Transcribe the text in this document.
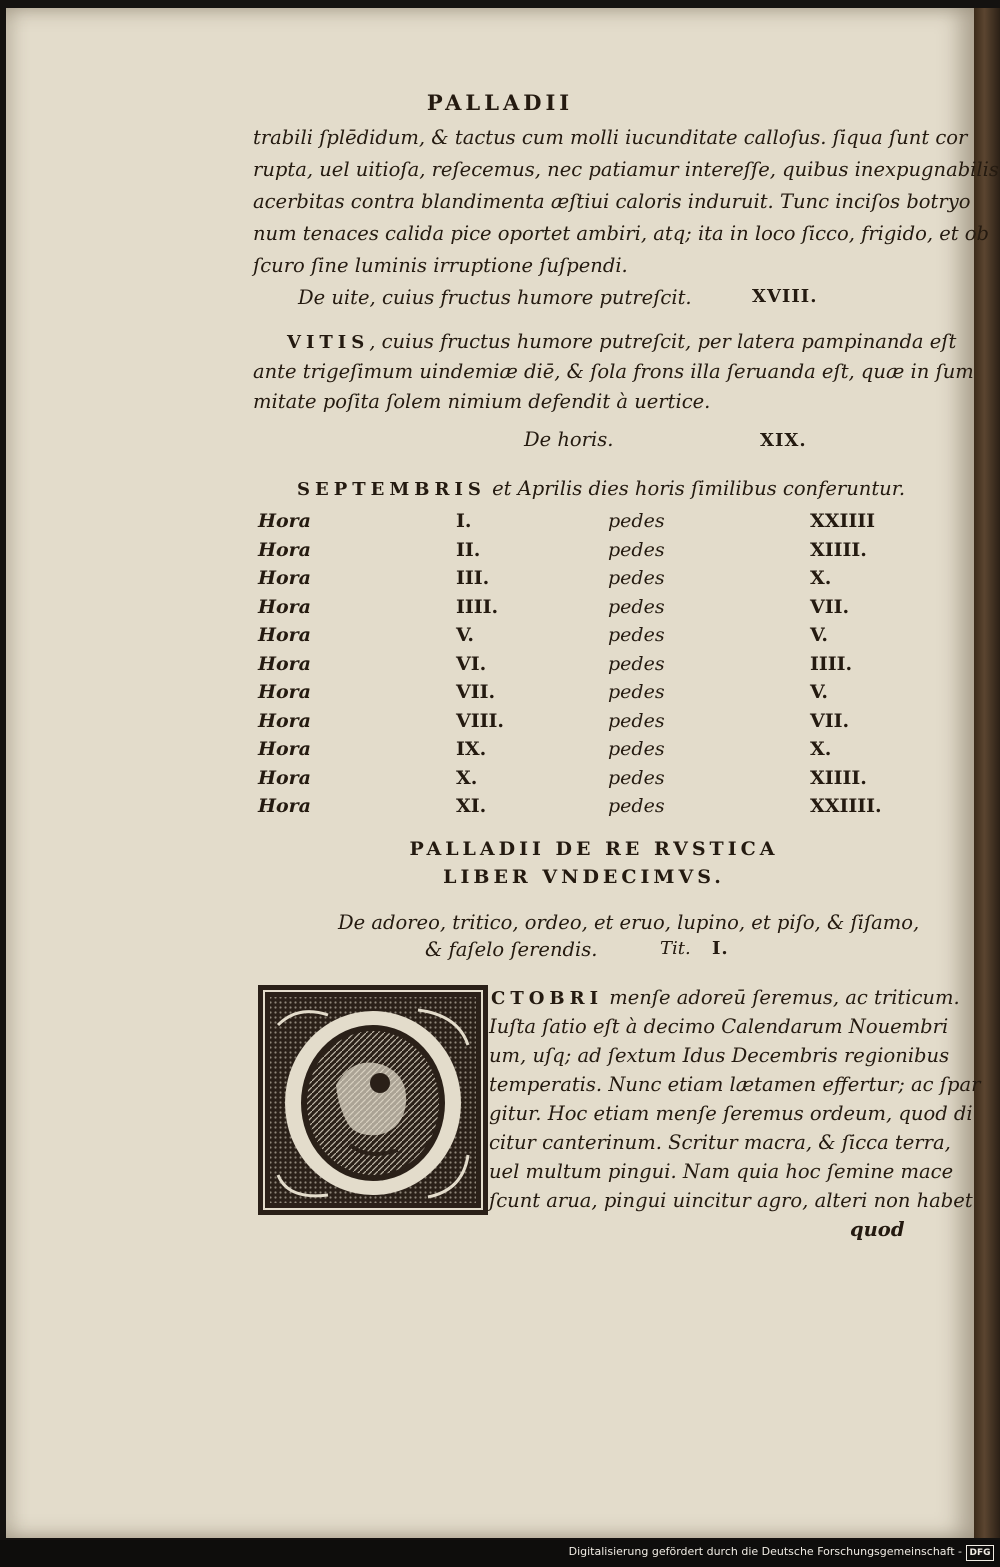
PALLADII
trabili ſplēdidum, & tactus cum molli iucunditate calloſus. ſiqua ſunt cor
rupta, uel uitioſa, reſecemus, nec patiamur intereſſe, quibus inexpugnabilis
acerbitas contra blandimenta æſtiui caloris induruit. Tunc inciſos botryo
num tenaces calida pice oportet ambiri, atq; ita in loco ſicco, frigido, et ob
ſcuro ſine luminis irruptione ſuſpendi.
De uite, cuius fructus humore putreſcit.	XVIII.
VITIS, cuius fructus humore putreſcit, per latera pampinanda eſt
ante trigeſimum uindemiæ diē, & ſola frons illa ſeruanda eſt, quæ in ſum
mitate poſita ſolem nimium defendit à uertice.
De horis.	XIX.
SEPTEMBRIS et Aprilis dies horis ſimilibus conferuntur.
Hora	I.	pedes	XXIIII
Hora	II.	pedes	XIIII.
Hora	III.	pedes	X.
Hora	IIII.	pedes	VII.
Hora	V.	pedes	V.
Hora	VI.	pedes	IIII.
Hora	VII.	pedes	V.
Hora	VIII.	pedes	VII.
Hora	IX.	pedes	X.
Hora	X.	pedes	XIIII.
Hora	XI.	pedes	XXIIII.
PALLADII DE RE RVSTICA
LIBER VNDECIMVS.
De adoreo, tritico, ordeo, et eruo, lupino, et piſo, & ſiſamo,
& faſelo ſerendis.	Tit. I.
CTOBRI menſe adoreū ſeremus, ac triticum.
Iuſta ſatio eſt à decimo Calendarum Nouembri
um, uſq; ad ſextum Idus Decembris regionibus
temperatis. Nunc etiam lætamen effertur; ac ſpar
gitur. Hoc etiam menſe ſeremus ordeum, quod di
citur canterinum. Scritur macra, & ſicca terra,
uel multum pingui. Nam quia hoc ſemine mace
ſcunt arua, pingui uincitur agro, alteri non habet
quod
Digitalisierung gefördert durch die Deutsche Forschungsgemeinschaft - DFG
